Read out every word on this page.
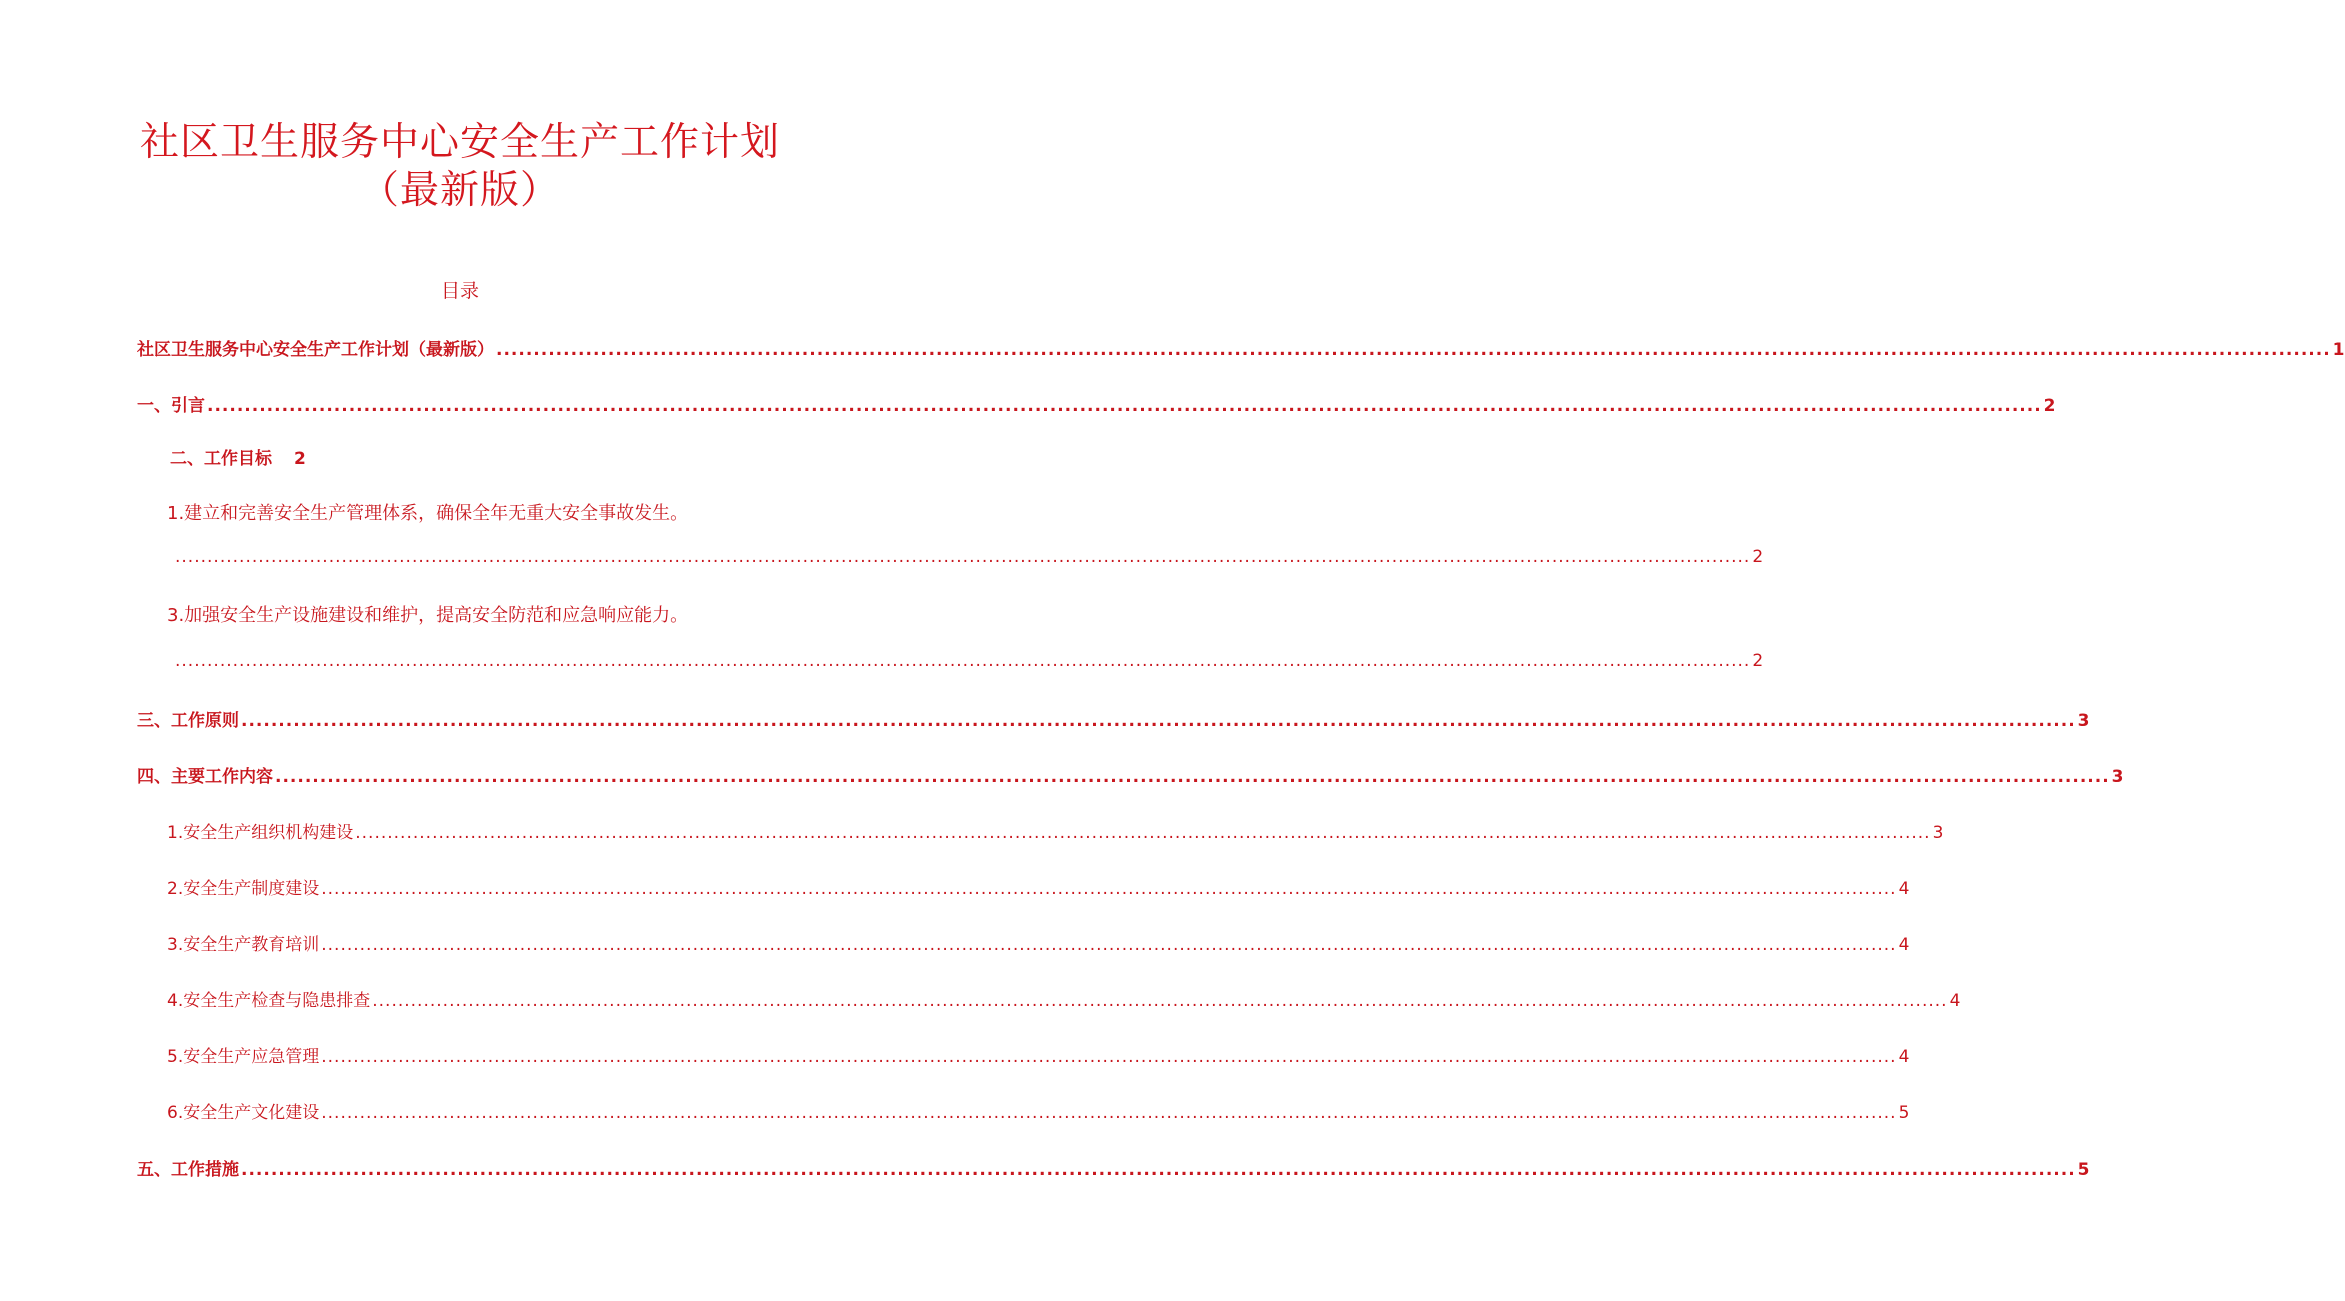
社区卫生服务中心安全生产工作计划
（最新版）
目录
社区卫生服务中心安全生产工作计划（最新版） ...................................................................................................................................................................................................................................................... 1
一、引言 ...................................................................................................................................................................................................................................................... 2
二、工作目标 2
1.建立和完善安全生产管理体系，确保全年无重大安全事故发生。
...................................................................................................................................................................................................................................................... 2
3.加强安全生产设施建设和维护，提高安全防范和应急响应能力。
...................................................................................................................................................................................................................................................... 2
三、工作原则 ...................................................................................................................................................................................................................................................... 3
四、主要工作内容 ...................................................................................................................................................................................................................................................... 3
1 .安全生产组织机构建设 ...................................................................................................................................................................................................................................................... 3
2 .安全生产制度建设 ...................................................................................................................................................................................................................................................... 4
3 .安全生产教育培训 ...................................................................................................................................................................................................................................................... 4
4 .安全生产检查与隐患排查 ...................................................................................................................................................................................................................................................... 4
5 .安全生产应急管理 ...................................................................................................................................................................................................................................................... 4
6 .安全生产文化建设 ...................................................................................................................................................................................................................................................... 5
五、工作措施 ...................................................................................................................................................................................................................................................... 5
